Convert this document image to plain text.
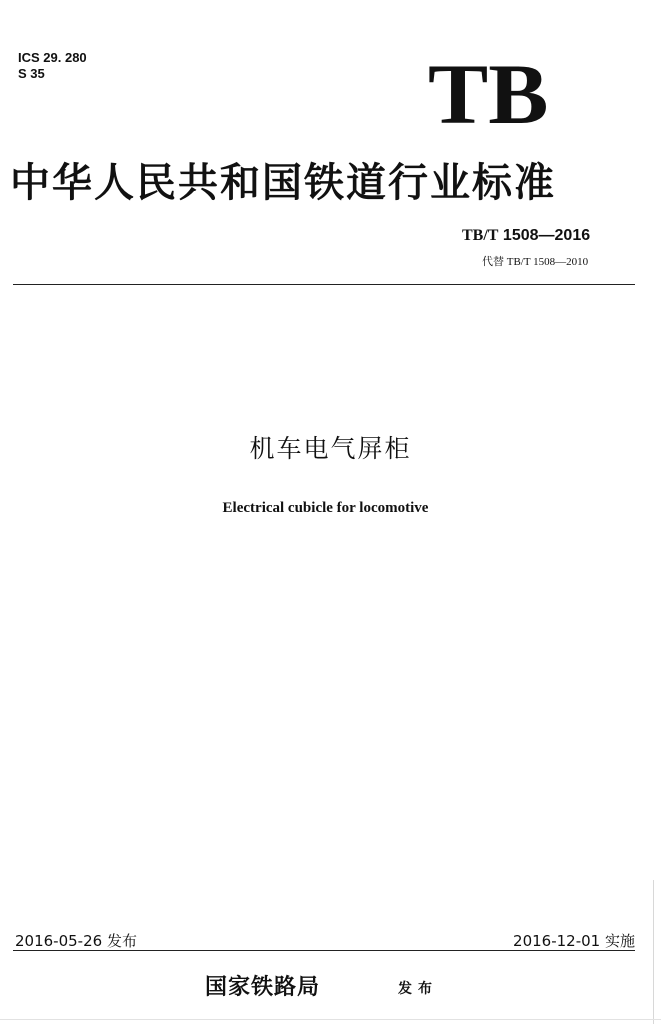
ICS 29. 280
S 35	TB
中华人民共和国铁道行业标准
TB/T 1508—2016
代替 TB/T 1508—2010
机车电气屏柜
Electrical cubicle for locomotive
2016-05-26 发布	2016-12-01 实施
国家铁路局	发布
